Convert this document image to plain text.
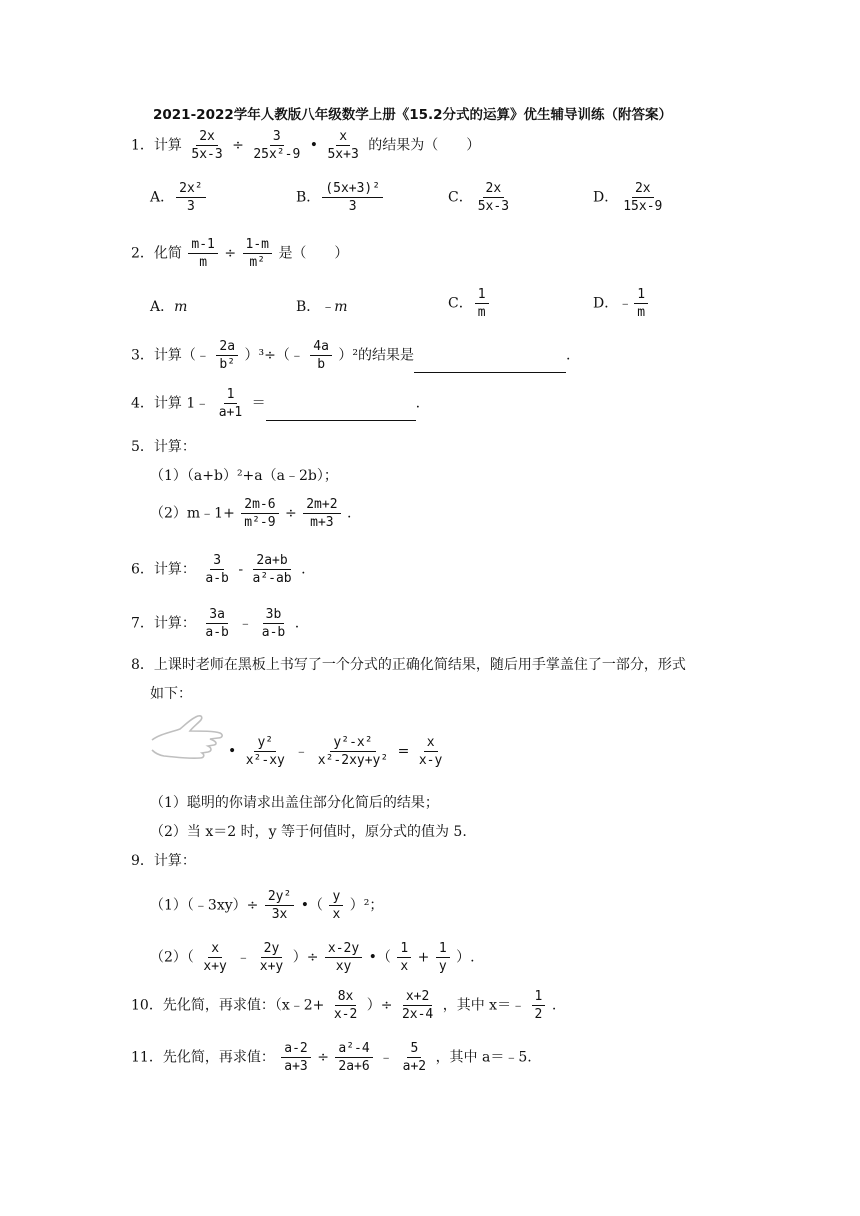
2021-2022学年人教版八年级数学上册《15.2分式的运算》优生辅导训练（附答案）
1．计算 $\frac{2x}{5x-3} \div \frac{3}{\text{25x²-9}}$ • $\frac{x}{5x+3}$ 的结果为（　　）
A． $\frac{\text{2x²}}{3}$	B． $\frac{\text{(5x+3)²}}{3}$	C． $\frac{2x}{5x-3}$	D． $\frac{2x}{15x-9}$
2．化简 $\frac{m-1}{m} \div \frac{1-m}{\text{m²}}$ 是（　　）
A．m	B．﹣m	C． $\frac{1}{m}$	D．﹣ $\frac{1}{m}$
3．计算（﹣ $\frac{2a}{\text{b²}}$ ）³÷（﹣ $\frac{4a}{b} )^2$的结果是	.
4．计算 1﹣ $\frac{1}{a+1}$ ＝	.
5．计算：
（1）（a+b）²+a（a﹣2b）；
（2）m﹣1+ $\frac{2m-6}{\text{m²-9}} \div \frac{2m+2}{m+3}$ .
6．计算： $\frac{3}{a-b} - \frac{2a+b}{\text{a²-ab}}$ .
7．计算： $\frac{3a}{a-b}$ ﹣ $\frac{3b}{a-b}$ .
8．上课时老师在黑板上书写了一个分式的正确化简结果，随后用手掌盖住了一部分，形式
如下：
• $\frac{\text{y²}}{\text{x²-xy}}$ ﹣ $\frac{\text{y²-x²}}{\text{x²-2xy+y²}} = \frac{x}{x-y}$
（1）聪明的你请求出盖住部分化简后的结果；
（2）当 x＝2 时，y 等于何值时，原分式的值为 5.
9．计算：
（1）（﹣3xy）÷ $\frac{\text{2y²}}{3x}$ •（ $\frac{y}{x} )^2$；
$(2)( \frac{x}{x+y}$ ﹣ $\frac{2y}{x+y}$ ）÷ $\frac{x-2y}{xy}$ •（ $\frac{1}{x} + \frac{1}{y}$ ）.
10．先化简，再求值：（x﹣2+ $\frac{8x}{x-2}$ ）÷ $\frac{x+2}{2x-4}$ ，其中 x＝﹣ $\frac{1}{2}$ .
11．先化简，再求值： $\frac{a-2}{a+3} \div \frac{\text{a²-4}}{2a+6}$ ﹣ $\frac{5}{a+2}$ ，其中 a＝﹣5.
